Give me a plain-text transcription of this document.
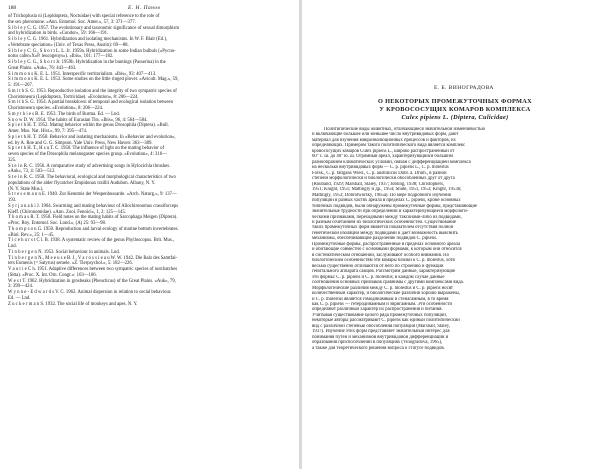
188	Е. Н. Панов
of Trichoplusia ni (Lepidoptera, Noctuidae) with special reference to the role of
the sex pheromone. «Ann. Entomol. Soc. Amer.», 57, 3: 371—377.
S i b l e y C. G. 1957. The evolutionary and taxonomic significance of sexual dimorphism
and hybridization in birds. «Condor», 59: 166—191.
S i b l e y C. G. 1961. Hybridization and isolating mechanisms. In W. F. Blair (Ed.),
«Vertebrate speciation» (Univ. of Texas Press, Austin): 69—88.
S i b l e y C. G., S h o r t L. L. Jr. 1959a. Hybridization in some Indian bulbuls («Pycno-
notus cafer»X«P. leucogenys»). «Ibis», 101: 177—182.
S i b l e y C. G., S h o r t Jr. 1959b. Hybridization in the buntings (Passerina) in the
Great Plains. «Auk», 76: 443—463.
S i m m o n s K. E. L. 1951. Interspecific territorialism. «Ibis», 93: 407—413.
S i m m o n s K. E. L. 1953. Some studies on the little ringed plover. «Avicult. Mag.», 59,
5: 191—207.
S m i t h S. G. 1953. Reproductive isolation and the integrity of two sympatric species of
Choristoneura (Lepidoptera, Tortricidae). «Evolution», 8: 206—224.
S m i t h S. G. 1954. A partial breakdown of temporal and ecological isolation between
Choristoneura species. «Evolution», 8: 206—224.
S m y t h i e s B. E. 1953. The birds of Burma. Ed. — Lnd.
S n o w D. W. 1954. The habits of Eurasian Tits. «Ibis», 96, 4: 564—584.
S p i e t h H. T. 1952. Mating behavior within the genus Drosophila (Diptera). «Bull.
Amer. Mus. Nat. Hist.», 99, 7: 395—474.
S p i e t h H. T. 1958. Behavior and isolating mechanisms. In «Behavior and evolution»,
ed. by A. Roe and G. G. Simpson. Yale Univ. Press, New Haven: 363—389.
S p i e t h H. T., H s u T. C. 1950. The influence of light on the mating behavior of
seven species of the Drosophila melanogaster species group. «Evolution», 4: 316—
325.
S t e i n R. C. 1956. A comparative study of advertising songs in Hylocichla thrushes.
«Auk», 73, 4: 503—512.
S t e i n R. C. 1958. The behavioral, ecological and morphological characteristics of two
populations of the alder flycatcher Empidonax traillii Audubon. Albany, N. Y.
(N. Y. State Mus.).
S t r e s e m a n n E. 1940. Zur Kenntnis der Wespenbussarde. «Arch. Naturg.», 9: 137—
193.
S y r j a n a k i J. 1964. Swarming and mating behaviour of Allochironomus crassiforceps
Kieff. (Chironomidae). «Ann. Zool. Fennici», 1, 2: 125—145.
T h o m a s R. T. 1950. Field notes on the mating habits of Sarcophaga Meigen (Diptera).
«Proc. Roy. Entomol. Soc. Lond.», (A) 25: 93—98.
T h o m p s o n G. 1950. Reproduction and larval ecology of marine bottom invertebrates.
«Biol. Rev.», 25: 1—45.
T i c e h u r s t C l. B. 1938. A systematic review of the genus Phylloscopus. Brit. Mus.,
Lnd.
T i n b e r g e n N. 1953. Social behaviour in animals. Lnd.
T i n b e r g e n N., M e e u s e B. J., V a r o s s i e a u W. W. 1942. Die Balz des Samtfal-
ters Eumenis (= Satyrus) semele. «Z. Tierpsychol.», 5: 182—226.
V a u r i e C h. 1951. Adaptive differences between two sympatric species of nutchatches
(Sitta). «Proc. X. Int. Orn. Congr.»: 163—166.
W e s t T. 1962. Hybridization in grosbeaks (Pheucticus) of the Great Plains. «Auk», 79,
3: 399—424.
W y n n e - E d w a r d s V. C. 1962. Animal dispersion in relation to social behaviour.
Ed. — Lnd.
Z u c k e r m a n S. 1932. The social life of monkeys and apes. N. Y.
Е. Б. ВИНОГРАДОВА
О НЕКОТОРЫХ ПРОМЕЖУТОЧНЫХ ФОРМАХ
У КРОВОСОСУЩИХ КОМАРОВ КОМПЛЕКСА
Culex pipiens L. (Diptera, Culicidae)
Политипические виды животных, отличающиеся значительной изменчивостью
и включающие большее или меньшее число внутривидовых форм, дают
материал для изучения микроэволюционных процессов и факторов, их
определяющих. Примером такого политипического вида является комплекс
кровососущих комаров Culex pipiens L., широко распространенный от
60° с. ш. до 40° ю. ш. Огромный ареал, характеризующийся большим
разнообразием климатических условий, связан с дифференциацией комплекса
на несколько внутривидовых форм — C. p. pipiens L., C. p. molestus
Forsk., C. p. fatigans Wied., C. p. australicus Dobr. a. Drum., в разной
степени морфологически и биологически обособленных друг от друга
(Rouband, 1929; Marshall, Staley, 1937; Jobling, 1938; Christophers,
1951; Knight, 1951; Mattingly и др., 1954; Shute, 1951, 1953; Knight, 1953b;
Mattingly, 1953; Dobrotworsky, 1965a). По мере подробного изучения
популяций в разных частях ареала в пределах C. pipiens, кроме основных
типичных подвидов, были обнаружены промежуточные формы, представляющие
значительные трудности при определении и характеризующиеся морфологи-
ческими признаками, переходными между таксонами-либо из подвидами,
и разным сочетанием их биологических особенностей. Существование
таких промежуточных форм является показателем отсутствия полной
генетической изоляции между подвидами и дает возможность выяснить
механизмы, обеспечивающие разделение подвидов C. pipiens.
Промежуточные формы, распространенные в пределах основного ареала
и обитающие совместно с основными формами, к которым они относятся
в систематическом отношении, заслуживают особого внимания. По
биологическим особенностям эти комары близки к C. p. molestus, хотя
весьма существенно отличаются от него по строению и функции
генитального аппарата самцов. Рассмотрим данные, характеризующие
эти формы: C. p. pipiens и C. p. molestus; в каждом случае данные
соотношения основных признаков сравнимы с другими комплексами вида.
Морфологические различия между C. p. molestus и C. p. pipiens носят
количественный характер, и биологические различия хорошо выражены,
и C. p. molestus является гомодинамным и стенагамным, в то время
как C. p. pipiens — гетеродинамным и эвригамным. Эти особенности
определяют различный характер их распространения и питания.
Учитывая существование целого ряда промежуточных популяций,
некоторые авторы рассматривают C. pipiens как единый политипический
вид с различной степенью обособления популяций (Marshall, Staley,
1937). Изучение этих форм представляет значительный интерес для
понимания путей и механизмов внутривидовой дифференциации и
образования приспособлений в популяциях (Vinogradova, 1965),
а также для теоретического решения вопроса о статусе подвидов.
